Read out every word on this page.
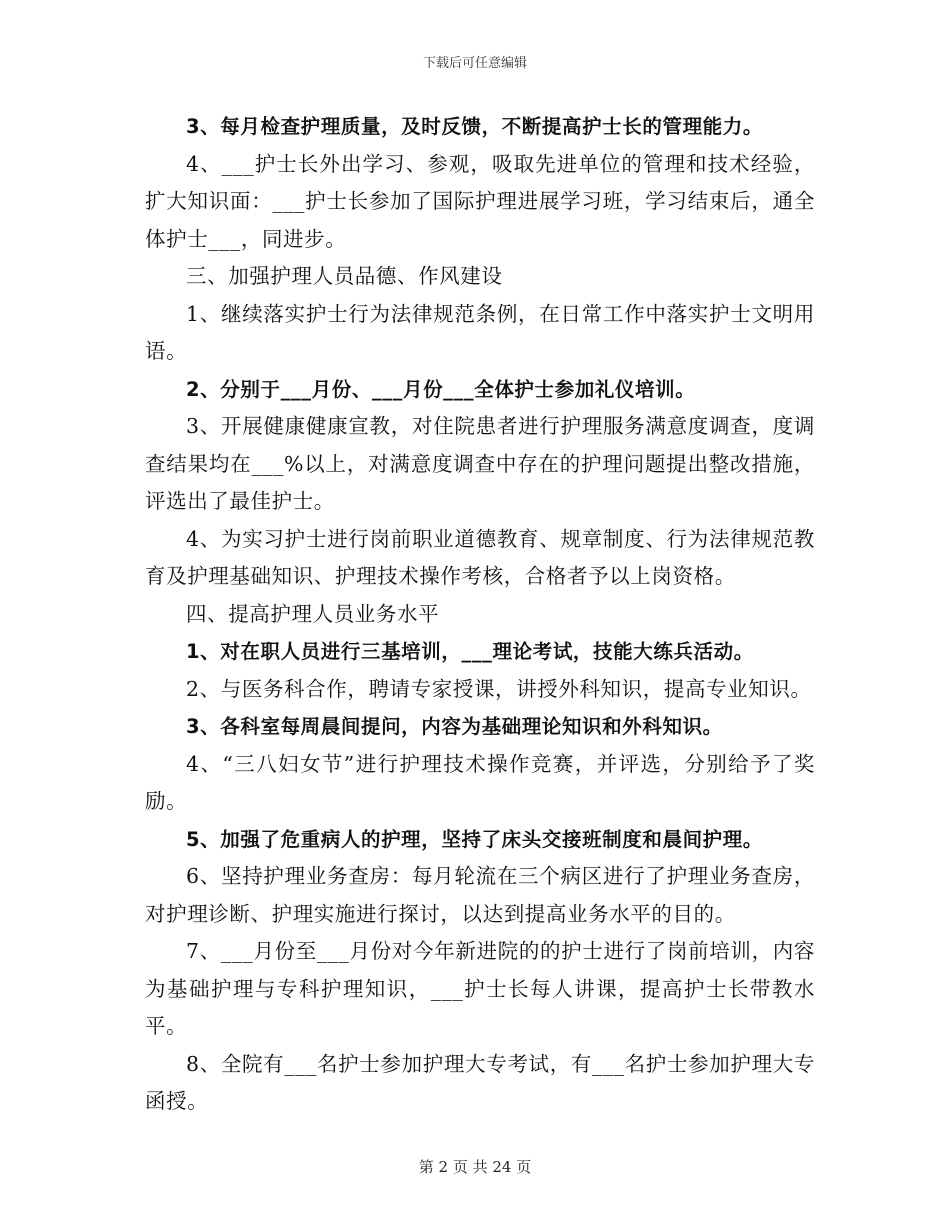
下载后可任意编辑

3、每月检查护理质量，及时反馈，不断提高护士长的管理能力。

4、___护士长外出学习、参观，吸取先进单位的管理和技术经验，扩大知识面：___护士长参加了国际护理进展学习班，学习结束后，通全体护士___，同进步。

三、加强护理人员品德、作风建设

1、继续落实护士行为法律规范条例，在日常工作中落实护士文明用语。

2、分别于___月份、___月份___全体护士参加礼仪培训。

3、开展健康健康宣教，对住院患者进行护理服务满意度调查，度调查结果均在___%以上，对满意度调查中存在的护理问题提出整改措施，评选出了最佳护士。

4、为实习护士进行岗前职业道德教育、规章制度、行为法律规范教育及护理基础知识、护理技术操作考核，合格者予以上岗资格。

四、提高护理人员业务水平

1、对在职人员进行三基培训，___理论考试，技能大练兵活动。

2、与医务科合作，聘请专家授课，讲授外科知识，提高专业知识。

3、各科室每周晨间提问，内容为基础理论知识和外科知识。

4、“三八妇女节”进行护理技术操作竞赛，并评选，分别给予了奖励。

5、加强了危重病人的护理，坚持了床头交接班制度和晨间护理。

6、坚持护理业务查房：每月轮流在三个病区进行了护理业务查房，对护理诊断、护理实施进行探讨，以达到提高业务水平的目的。

7、___月份至___月份对今年新进院的的护士进行了岗前培训，内容为基础护理与专科护理知识，___护士长每人讲课，提高护士长带教水平。

8、全院有___名护士参加护理大专考试，有___名护士参加护理大专函授。

第 2 页 共 24 页
